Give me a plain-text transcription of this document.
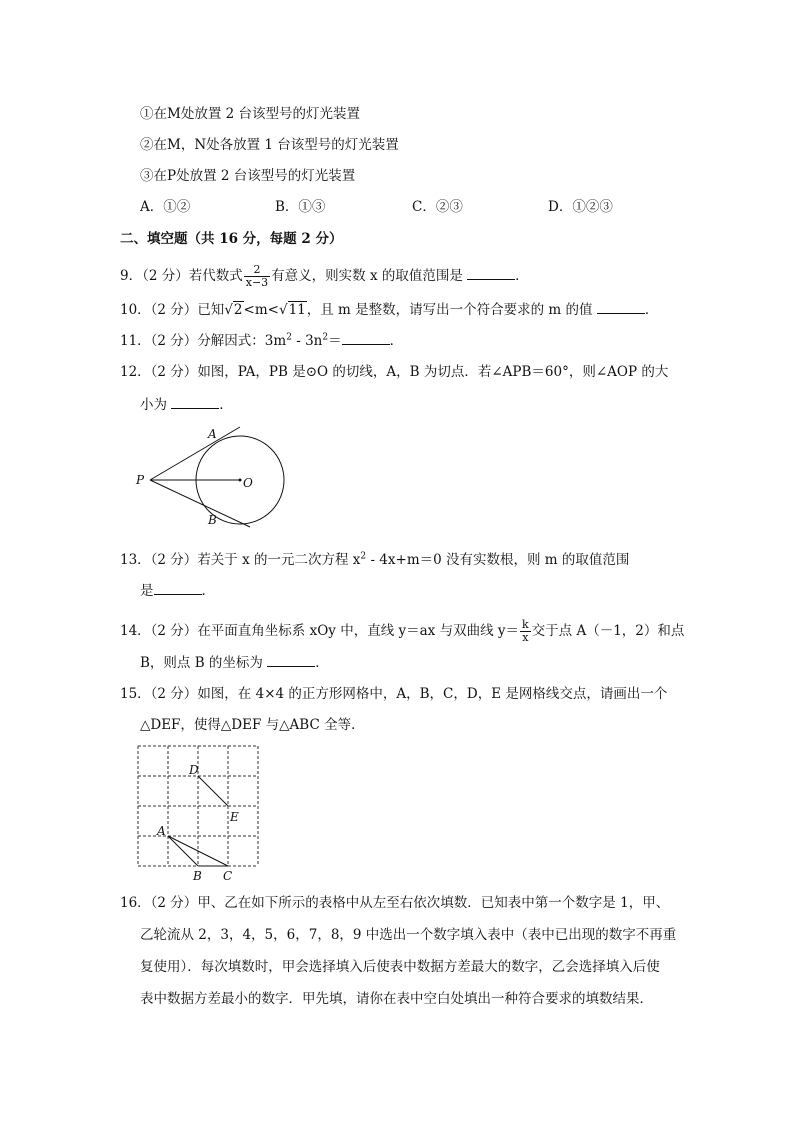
①在M处放置 2 台该型号的灯光装置
②在M，N处各放置 1 台该型号的灯光装置
③在P处放置 2 台该型号的灯光装置
A．①②	B．①③	C．②③	D．①②③
二、填空题（共 16 分，每题 2 分）
9．（2 分）若代数式 $\frac{2}{x-3}$ 有意义，则实数 x 的取值范围是	．
10．（2 分）已知√2<m<√11，且 m 是整数，请写出一个符合要求的 m 的值	．
11．（2 分）分解因式：$3m^2 - 3n^2=$	．
12．（2 分）如图，PA，PB 是⊙O 的切线，A，B 为切点．若∠APB＝60°，则∠AOP 的大
小为	．
P
A
B
O
13．（2 分）若关于 x 的一元二次方程 $x^2 - 4x+m=0$ 没有实数根，则 m 的取值范围
是	．
14．（2 分）在平面直角坐标系 xOy 中，直线 y＝ax 与双曲线 $y= \frac{k}{x}$ 交于点 A（－1，2）和点
B，则点 B 的坐标为	．
15．（2 分）如图，在 4×4 的正方形网格中，A，B，C，D，E 是网格线交点，请画出一个
△DEF，使得△DEF 与△ABC 全等．
D
E
A
B C
16．（2 分）甲、乙在如下所示的表格中从左至右依次填数．已知表中第一个数字是 1，甲、
乙轮流从 2，3，4，5，6，7，8，9 中选出一个数字填入表中（表中已出现的数字不再重
复使用）．每次填数时，甲会选择填入后使表中数据方差最大的数字，乙会选择填入后使
表中数据方差最小的数字．甲先填，请你在表中空白处填出一种符合要求的填数结果．
